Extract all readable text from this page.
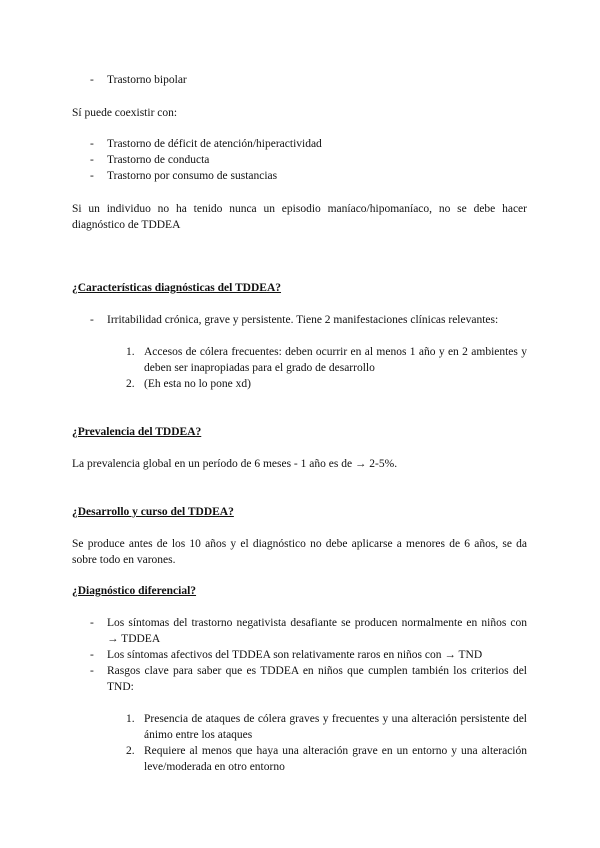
- Trastorno bipolar

Sí puede coexistir con:

- Trastorno de déficit de atención/hiperactividad
- Trastorno de conducta
- Trastorno por consumo de sustancias

Si un individuo no ha tenido nunca un episodio maníaco/hipomaníaco, no se debe hacer diagnóstico de TDDEA

¿Características diagnósticas del TDDEA?
- Irritabilidad crónica, grave y persistente. Tiene 2 manifestaciones clínicas relevantes:
1. Accesos de cólera frecuentes: deben ocurrir en al menos 1 año y en 2 ambientes y deben ser inapropiadas para el grado de desarrollo
2. (Eh esta no lo pone xd)
¿Prevalencia del TDDEA?

La prevalencia global en un período de 6 meses - 1 año es de → 2-5%.

¿Desarrollo y curso del TDDEA?

Se produce antes de los 10 años y el diagnóstico no debe aplicarse a menores de 6 años, se da sobre todo en varones.

¿Diagnóstico diferencial?
- Los síntomas del trastorno negativista desafiante se producen normalmente en niños con → TDDEA
- Los síntomas afectivos del TDDEA son relativamente raros en niños con → TND
- Rasgos clave para saber que es TDDEA en niños que cumplen también los criterios del TND:
1. Presencia de ataques de cólera graves y frecuentes y una alteración persistente del ánimo entre los ataques
2. Requiere al menos que haya una alteración grave en un entorno y una alteración leve/moderada en otro entorno
